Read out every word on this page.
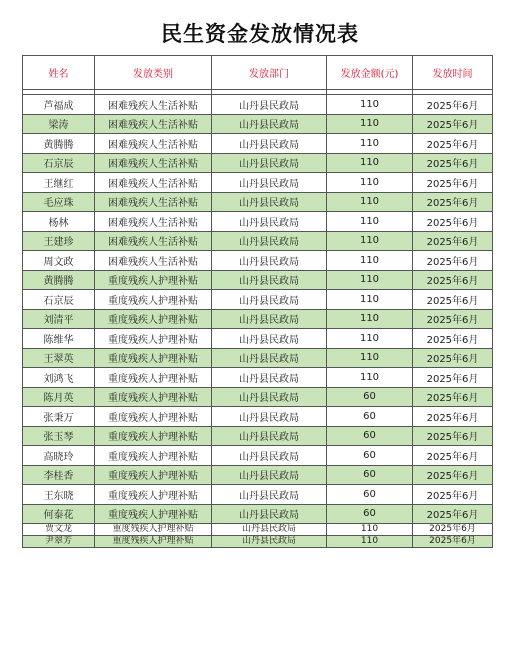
民生资金发放情况表
姓名	发放类别	发放部门	发放金额(元)	发放时间

芦福成	困难残疾人生活补贴	山丹县民政局	110	2025年6月
梁涛	困难残疾人生活补贴	山丹县民政局	110	2025年6月
黄腾腾	困难残疾人生活补贴	山丹县民政局	110	2025年6月
石京辰	困难残疾人生活补贴	山丹县民政局	110	2025年6月
王继红	困难残疾人生活补贴	山丹县民政局	110	2025年6月
毛应珠	困难残疾人生活补贴	山丹县民政局	110	2025年6月
杨林	困难残疾人生活补贴	山丹县民政局	110	2025年6月
王建珍	困难残疾人生活补贴	山丹县民政局	110	2025年6月
周文政	困难残疾人生活补贴	山丹县民政局	110	2025年6月
黄腾腾	重度残疾人护理补贴	山丹县民政局	110	2025年6月
石京辰	重度残疾人护理补贴	山丹县民政局	110	2025年6月
刘清平	重度残疾人护理补贴	山丹县民政局	110	2025年6月
陈维华	重度残疾人护理补贴	山丹县民政局	110	2025年6月
王翠英	重度残疾人护理补贴	山丹县民政局	110	2025年6月
刘鸿飞	重度残疾人护理补贴	山丹县民政局	110	2025年6月
陈月英	重度残疾人护理补贴	山丹县民政局	60	2025年6月
张秉万	重度残疾人护理补贴	山丹县民政局	60	2025年6月
张玉琴	重度残疾人护理补贴	山丹县民政局	60	2025年6月
高晓玲	重度残疾人护理补贴	山丹县民政局	60	2025年6月
李桂香	重度残疾人护理补贴	山丹县民政局	60	2025年6月
王东晓	重度残疾人护理补贴	山丹县民政局	60	2025年6月
何泰花	重度残疾人护理补贴	山丹县民政局	60	2025年6月
贾文龙	重度残疾人护理补贴	山丹县民政局	110	2025年6月
尹翠芳	重度残疾人护理补贴	山丹县民政局	110	2025年6月
